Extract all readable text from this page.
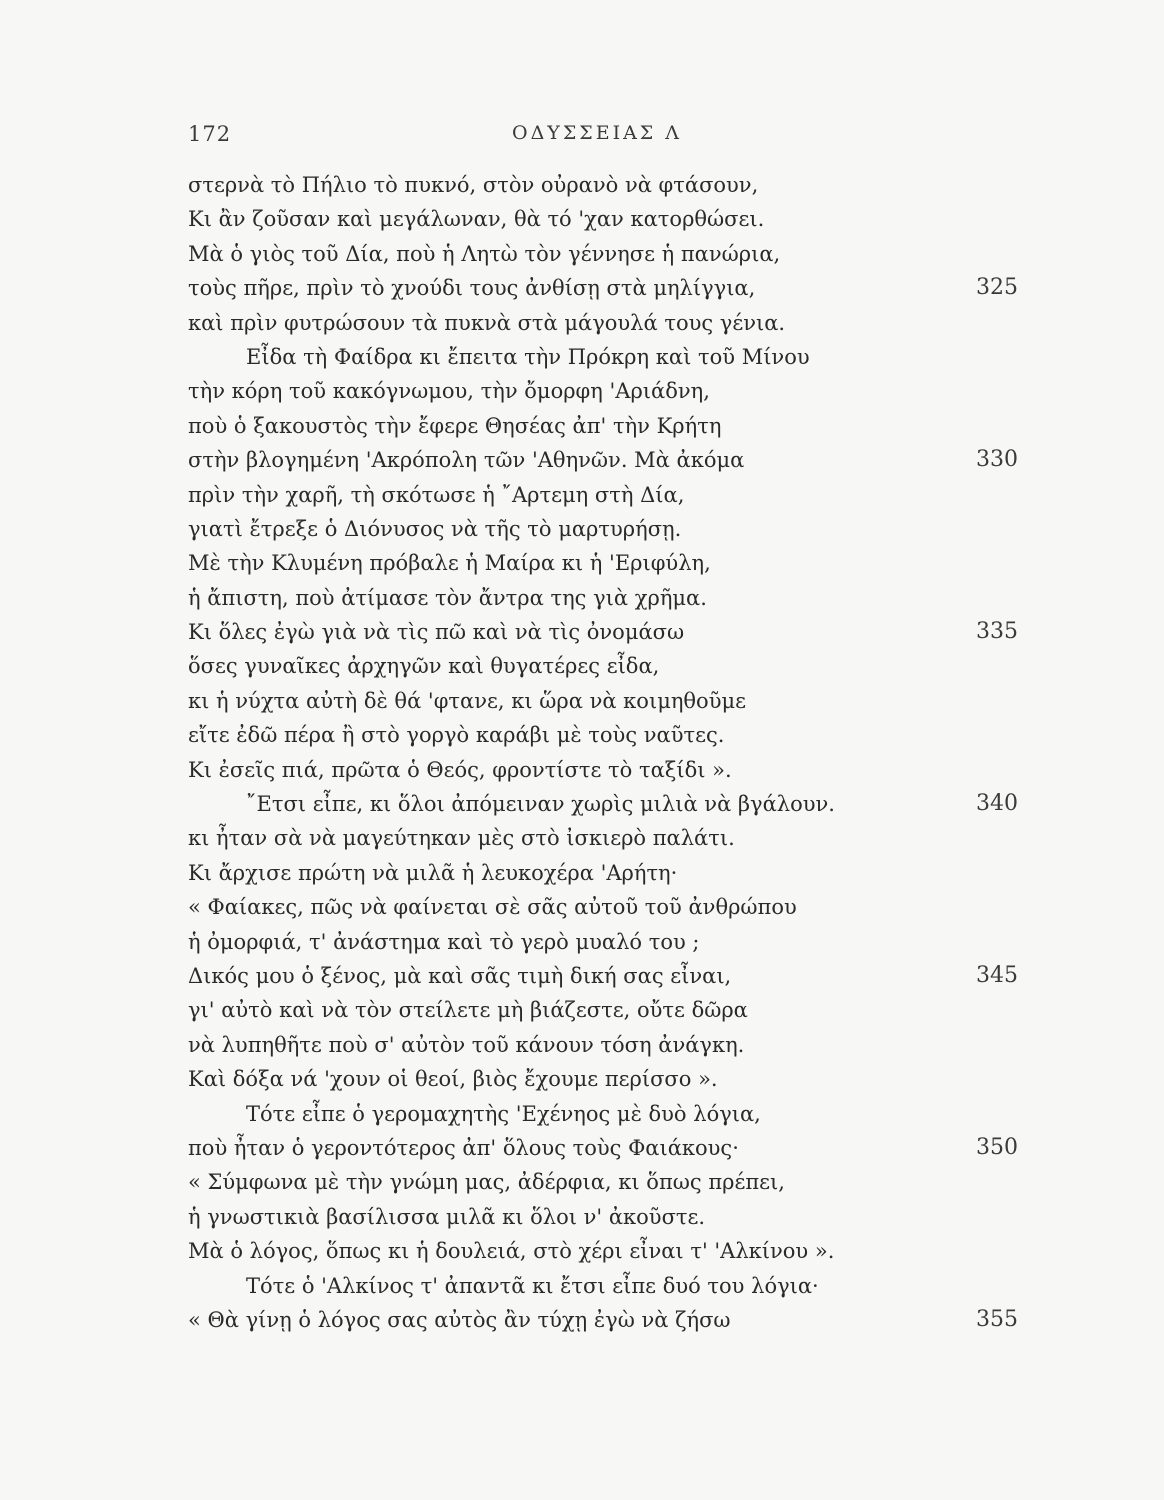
172	ΟΔΥΣΣΕΙΑΣ Λ
στερνὰ τὸ Πήλιο τὸ πυκνό, στὸν οὐρανὸ νὰ φτάσουν,
Κι ἂν ζοῦσαν καὶ μεγάλωναν, θὰ τό 'χαν κατορθώσει.
Μὰ ὁ γιὸς τοῦ Δία, ποὺ ἡ Λητὼ τὸν γέννησε ἡ πανώρια,
τοὺς πῆρε, πρὶν τὸ χνούδι τους ἀνθίσῃ στὰ μηλίγγια,	325
καὶ πρὶν φυτρώσουν τὰ πυκνὰ στὰ μάγουλά τους γένια.
Εἶδα τὴ Φαίδρα κι ἔπειτα τὴν Πρόκρη καὶ τοῦ Μίνου
τὴν κόρη τοῦ κακόγνωμου, τὴν ὄμορφη 'Αριάδνη,
ποὺ ὁ ξακουστὸς τὴν ἔφερε Θησέας ἀπ' τὴν Κρήτη
στὴν βλογημένη 'Ακρόπολη τῶν 'Αθηνῶν. Μὰ ἀκόμα	330
πρὶν τὴν χαρῆ, τὴ σκότωσε ἡ ῎Αρτεμη στὴ Δία,
γιατὶ ἔτρεξε ὁ Διόνυσος νὰ τῆς τὸ μαρτυρήσῃ.
Μὲ τὴν Κλυμένη πρόβαλε ἡ Μαίρα κι ἡ 'Εριφύλη,
ἡ ἄπιστη, ποὺ ἀτίμασε τὸν ἄντρα της γιὰ χρῆμα.
Κι ὅλες ἐγὼ γιὰ νὰ τὶς πῶ καὶ νὰ τὶς ὀνομάσω	335
ὅσες γυναῖκες ἀρχηγῶν καὶ θυγατέρες εἶδα,
κι ἡ νύχτα αὐτὴ δὲ θά 'φτανε, κι ὥρα νὰ κοιμηθοῦμε
εἴτε ἐδῶ πέρα ἢ στὸ γοργὸ καράβι μὲ τοὺς ναῦτες.
Κι ἐσεῖς πιά, πρῶτα ὁ Θεός, φροντίστε τὸ ταξίδι ».
῎Ετσι εἶπε, κι ὅλοι ἀπόμειναν χωρὶς μιλιὰ νὰ βγάλουν.	340
κι ἦταν σὰ νὰ μαγεύτηκαν μὲς στὸ ἰσκιερὸ παλάτι.
Κι ἄρχισε πρώτη νὰ μιλᾶ ἡ λευκοχέρα 'Αρήτη·
« Φαίακες, πῶς νὰ φαίνεται σὲ σᾶς αὐτοῦ τοῦ ἀνθρώπου
ἡ ὀμορφιά, τ' ἀνάστημα καὶ τὸ γερὸ μυαλό του ;
Δικός μου ὁ ξένος, μὰ καὶ σᾶς τιμὴ δική σας εἶναι,	345
γι' αὐτὸ καὶ νὰ τὸν στείλετε μὴ βιάζεστε, οὔτε δῶρα
νὰ λυπηθῆτε ποὺ σ' αὐτὸν τοῦ κάνουν τόση ἀνάγκη.
Καὶ δόξα νά 'χουν οἱ θεοί, βιὸς ἔχουμε περίσσο ».
Τότε εἶπε ὁ γερομαχητὴς 'Εχένηος μὲ δυὸ λόγια,
ποὺ ἦταν ὁ γεροντότερος ἀπ' ὅλους τοὺς Φαιάκους·	350
« Σύμφωνα μὲ τὴν γνώμη μας, ἀδέρφια, κι ὅπως πρέπει,
ἡ γνωστικιὰ βασίλισσα μιλᾶ κι ὅλοι ν' ἀκοῦστε.
Μὰ ὁ λόγος, ὅπως κι ἡ δουλειά, στὸ χέρι εἶναι τ' 'Αλκίνου ».
Τότε ὁ 'Αλκίνος τ' ἀπαντᾶ κι ἔτσι εἶπε δυό του λόγια·
« Θὰ γίνῃ ὁ λόγος σας αὐτὸς ἂν τύχῃ ἐγὼ νὰ ζήσω	355
